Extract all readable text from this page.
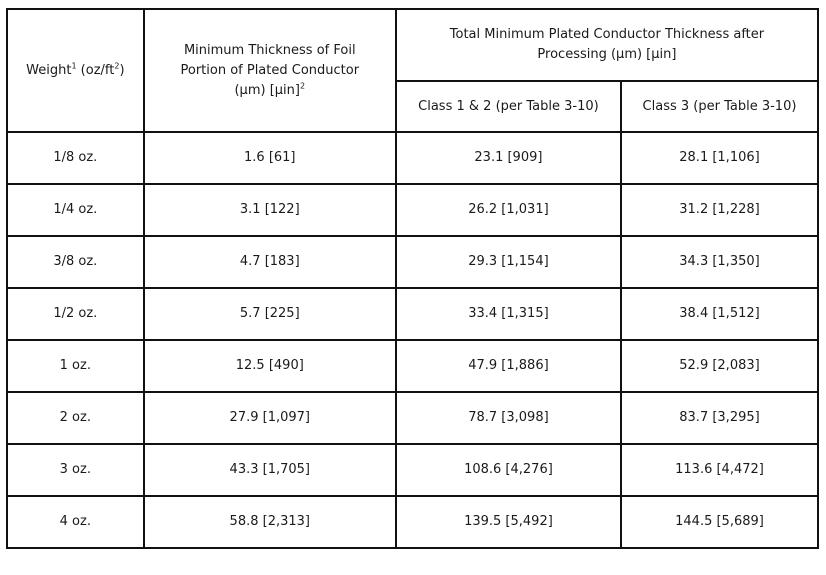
Weight$^1$ $(oz/ft^2)$	Minimum Thickness of Foil Portion of Plated Conductor (µm) $[\mu in]^2$	Total Minimum Plated Conductor Thickness after Processing (µm) [µin]	
		Class 1 & 2 (per Table 3-10)	Class 3 (per Table 3-10)
1/8 oz.	1.6 [61]	23.1 [909]	28.1 [1,106]
1/4 oz.	3.1 [122]	26.2 [1,031]	31.2 [1,228]
3/8 oz.	4.7 [183]	29.3 [1,154]	34.3 [1,350]
1/2 oz.	5.7 [225]	33.4 [1,315]	38.4 [1,512]
1 oz.	12.5 [490]	47.9 [1,886]	52.9 [2,083]
2 oz.	27.9 [1,097]	78.7 [3,098]	83.7 [3,295]
3 oz.	43.3 [1,705]	108.6 [4,276]	113.6 [4,472]
4 oz.	58.8 [2,313]	139.5 [5,492]	144.5 [5,689]
